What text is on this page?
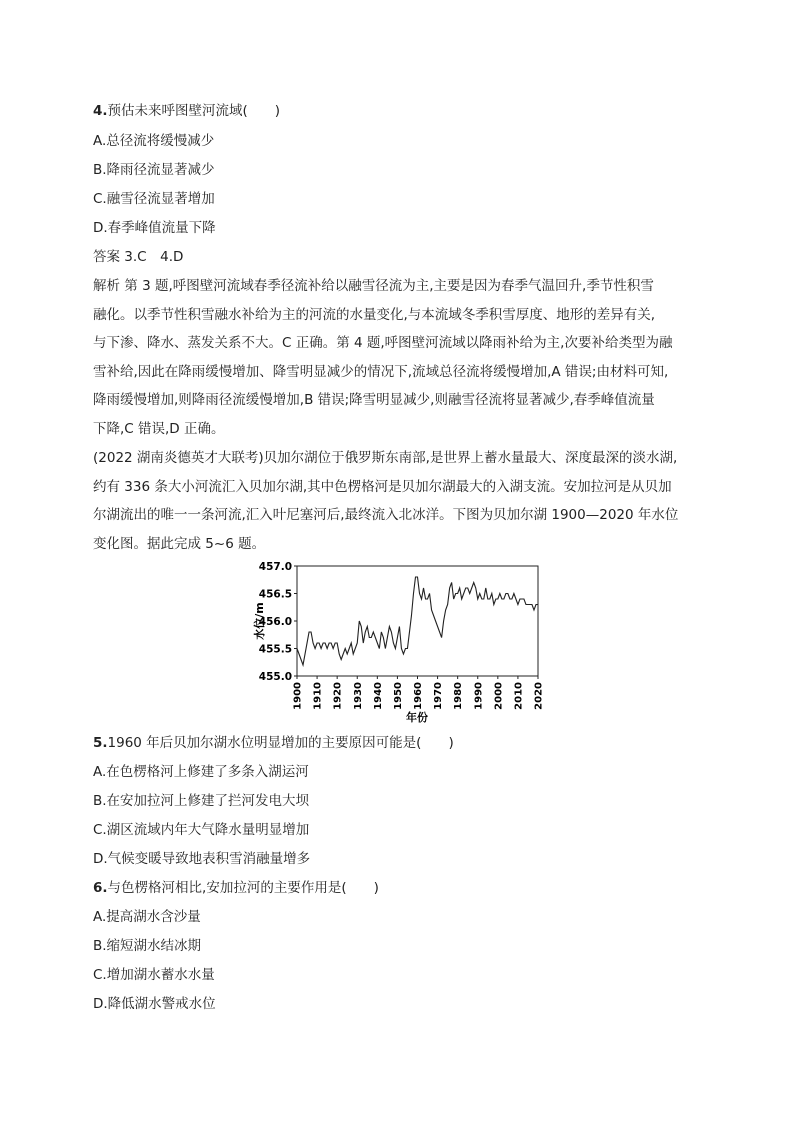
4.预估未来呼图壁河流域(　　)
A.总径流将缓慢减少
B.降雨径流显著减少
C.融雪径流显著增加
D.春季峰值流量下降
答案 3.C　4.D
解析 第 3 题,呼图壁河流域春季径流补给以融雪径流为主,主要是因为春季气温回升,季节性积雪
融化。以季节性积雪融水补给为主的河流的水量变化,与本流域冬季积雪厚度、地形的差异有关,
与下渗、降水、蒸发关系不大。C 正确。第 4 题,呼图壁河流域以降雨补给为主,次要补给类型为融
雪补给,因此在降雨缓慢增加、降雪明显减少的情况下,流域总径流将缓慢增加,A 错误;由材料可知,
降雨缓慢增加,则降雨径流缓慢增加,B 错误;降雪明显减少,则融雪径流将显著减少,春季峰值流量
下降,C 错误,D 正确。
(2022 湖南炎德英才大联考)贝加尔湖位于俄罗斯东南部,是世界上蓄水量最大、深度最深的淡水湖,
约有 336 条大小河流汇入贝加尔湖,其中色楞格河是贝加尔湖最大的入湖支流。安加拉河是从贝加
尔湖流出的唯一一条河流,汇入叶尼塞河后,最终流入北冰洋。下图为贝加尔湖 1900—2020 年水位
变化图。据此完成 5~6 题。
455.0
455.5
456.0
456.5
457.0
1900 1910 1920 1930 1940 1950 1960 1970 1980 1990 2000 2010 2020
水位/m
年份
5.1960 年后贝加尔湖水位明显增加的主要原因可能是(　　)
A.在色楞格河上修建了多条入湖运河
B.在安加拉河上修建了拦河发电大坝
C.湖区流域内年大气降水量明显增加
D.气候变暖导致地表积雪消融量增多
6.与色楞格河相比,安加拉河的主要作用是(　　)
A.提高湖水含沙量
B.缩短湖水结冰期
C.增加湖水蓄水水量
D.降低湖水警戒水位
